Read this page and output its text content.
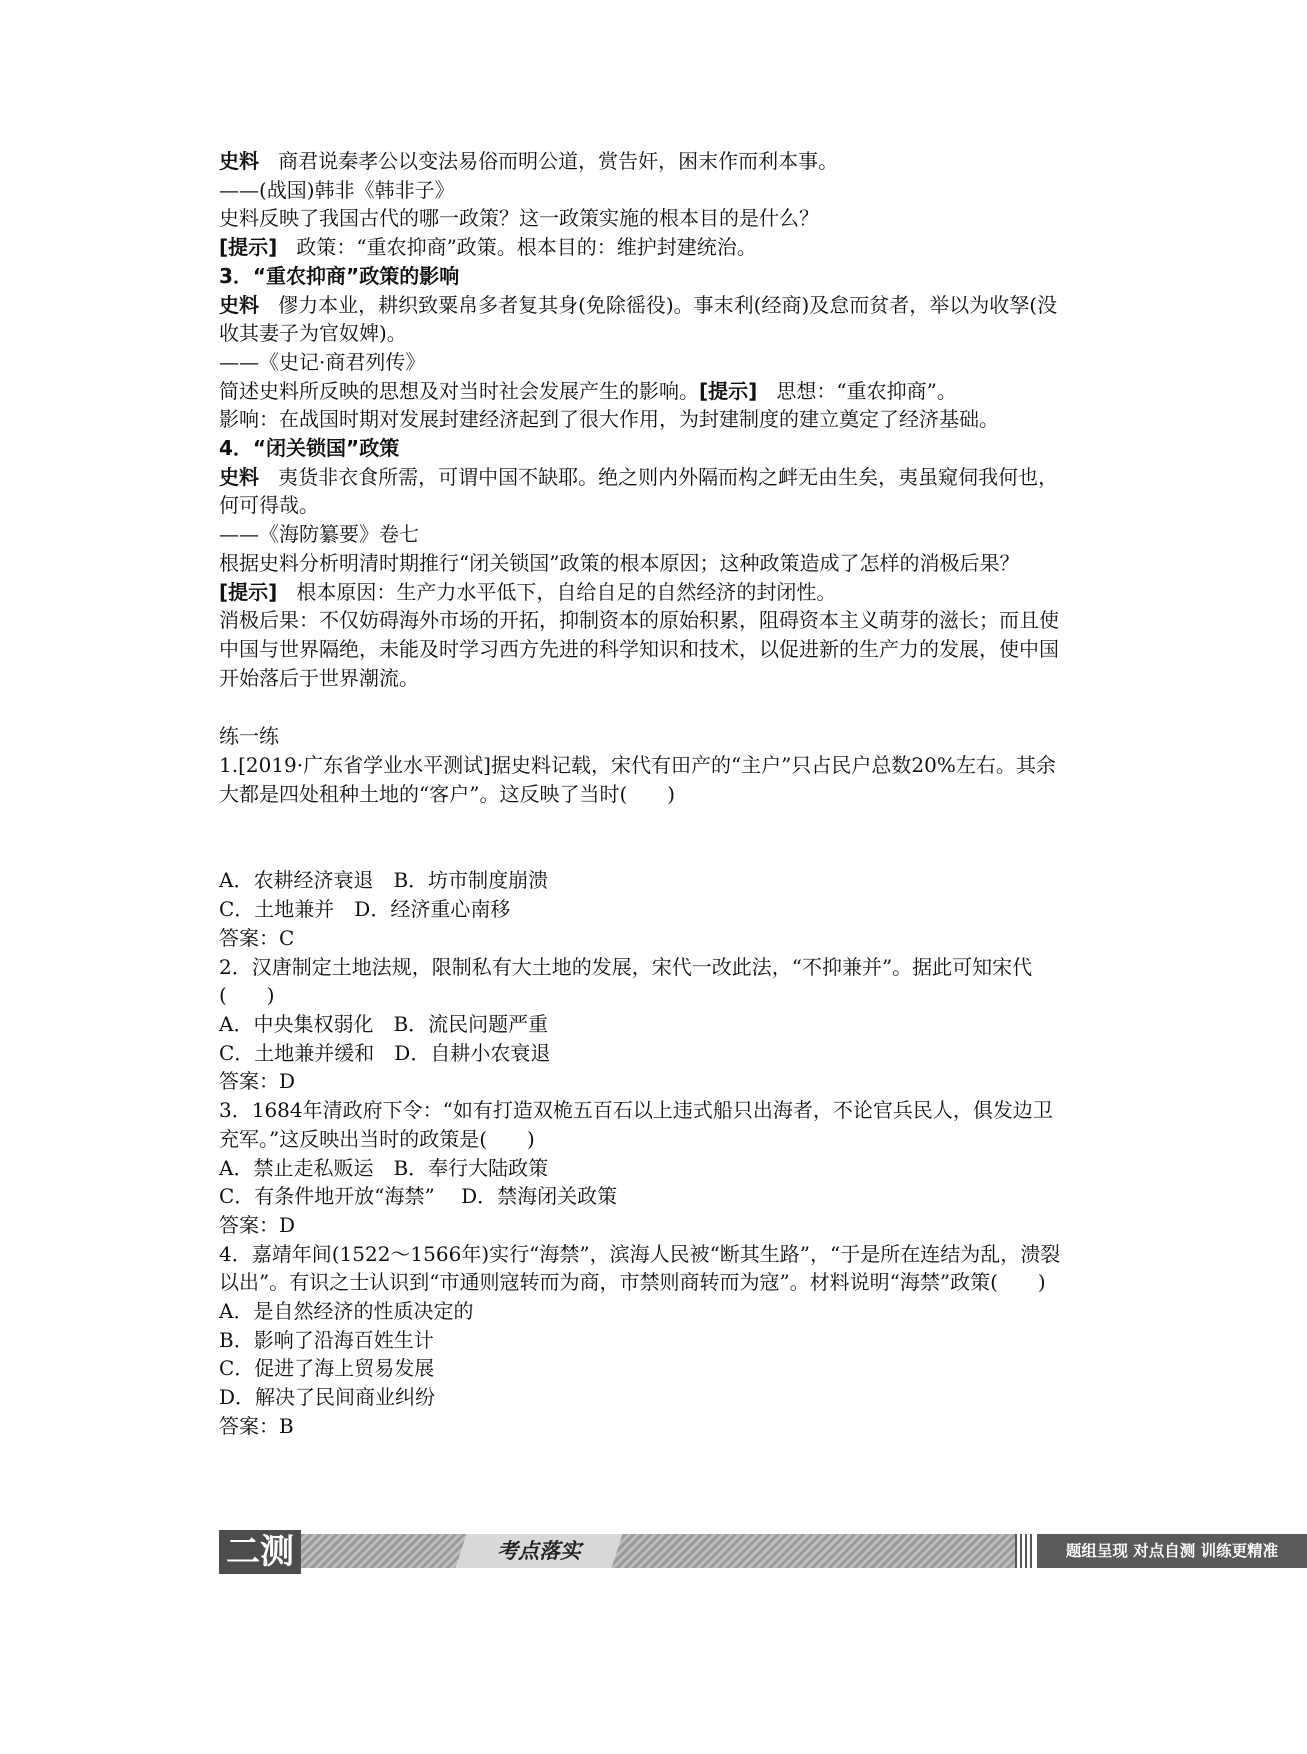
史料 商君说秦孝公以变法易俗而明公道，赏告奸，困末作而利本事。

——(战国)韩非《韩非子》

史料反映了我国古代的哪一政策？这一政策实施的根本目的是什么？

[提示] 政策：“重农抑商”政策。根本目的：维护封建统治。

3．“重农抑商”政策的影响

史料 僇力本业，耕织致粟帛多者复其身(免除徭役)。事末利(经商)及怠而贫者，举以为收孥(没收其妻子为官奴婢)。

——《史记·商君列传》

简述史料所反映的思想及对当时社会发展产生的影响。[提示] 思想：“重农抑商”。

影响：在战国时期对发展封建经济起到了很大作用，为封建制度的建立奠定了经济基础。

4．“闭关锁国”政策

史料 夷货非衣食所需，可谓中国不缺耶。绝之则内外隔而构之衅无由生矣，夷虽窥伺我何也，何可得哉。

——《海防纂要》卷七

根据史料分析明清时期推行“闭关锁国”政策的根本原因；这种政策造成了怎样的消极后果？

[提示] 根本原因：生产力水平低下，自给自足的自然经济的封闭性。

消极后果：不仅妨碍海外市场的开拓，抑制资本的原始积累，阻碍资本主义萌芽的滋长；而且使中国与世界隔绝，未能及时学习西方先进的科学知识和技术，以促进新的生产力的发展，使中国开始落后于世界潮流。

练一练

1.[2019·广东省学业水平测试]据史料记载，宋代有田产的“主户”只占民户总数20%左右。其余大都是四处租种土地的“客户”。这反映了当时(　　)

A．农耕经济衰退　B．坊市制度崩溃

C．土地兼并　D．经济重心南移

答案：C

2．汉唐制定土地法规，限制私有大土地的发展，宋代一改此法，“不抑兼并”。据此可知宋代(　　)

A．中央集权弱化　B．流民问题严重

C．土地兼并缓和　D．自耕小农衰退

答案：D

3．1684年清政府下令：“如有打造双桅五百石以上违式船只出海者，不论官兵民人，俱发边卫充军。”这反映出当时的政策是(　　)

A．禁止走私贩运　B．奉行大陆政策

C．有条件地开放“海禁”　 D．禁海闭关政策

答案：D

4．嘉靖年间(1522～1566年)实行“海禁”，滨海人民被“断其生路”，“于是所在连结为乱，溃裂以出”。有识之士认识到“市通则寇转而为商，市禁则商转而为寇”。材料说明“海禁”政策(　　)

A．是自然经济的性质决定的

B．影响了沿海百姓生计

C．促进了海上贸易发展

D．解决了民间商业纠纷

答案：B

考点落实
二测	题组呈现 对点自测 训练更精准
